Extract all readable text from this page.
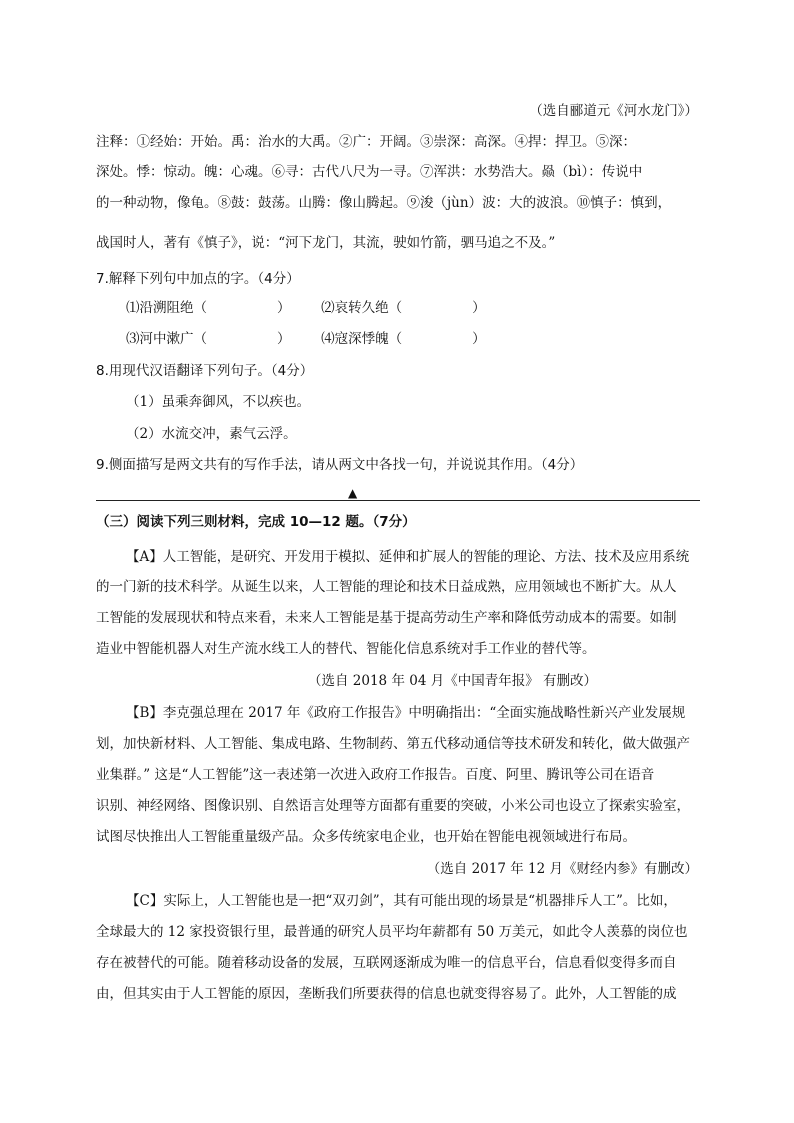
（选自郦道元《河水龙门》）
注释：①经始：开始。禹：治水的大禹。②广：开阔。③崇深：高深。④捍：捍卫。⑤深：
深处。悸：惊动。魄：心魂。⑥寻：古代八尺为一寻。⑦浑洪：水势浩大。赑（bì）：传说中
的一种动物，像龟。⑧鼓：鼓荡。山腾：像山腾起。⑨浚（jùn）波：大的波浪。⑩慎子：慎到，
战国时人，著有《慎子》，说：“河下龙门，其流，驶如竹箭，驷马追之不及。”
7.解释下列句中加点的字。（4分）
⑴沿溯阻绝（	） ⑵哀转久绝（	）
⑶河中漱广（	） ⑷寇深悸魄（	）
8.用现代汉语翻译下列句子。（4分）
（1）虽乘奔御风，不以疾也。
（2）水流交冲，素气云浮。
9.侧面描写是两文共有的写作手法，请从两文中各找一句，并说说其作用。（4分）
▲
（三）阅读下列三则材料，完成 10—12 题。（7分）
【A】人工智能，是研究、开发用于模拟、延伸和扩展人的智能的理论、方法、技术及应用系统
的一门新的技术科学。从诞生以来，人工智能的理论和技术日益成熟，应用领域也不断扩大。从人
工智能的发展现状和特点来看，未来人工智能是基于提高劳动生产率和降低劳动成本的需要。如制
造业中智能机器人对生产流水线工人的替代、智能化信息系统对手工作业的替代等。
（选自 2018 年 04 月《中国青年报》 有删改）
【B】李克强总理在 2017 年《政府工作报告》中明确指出：“全面实施战略性新兴产业发展规
划，加快新材料、人工智能、集成电路、生物制药、第五代移动通信等技术研发和转化，做大做强产
业集群。” 这是“人工智能”这一表述第一次进入政府工作报告。百度、阿里、腾讯等公司在语音
识别、神经网络、图像识别、自然语言处理等方面都有重要的突破，小米公司也设立了探索实验室，
试图尽快推出人工智能重量级产品。众多传统家电企业，也开始在智能电视领域进行布局。
（选自 2017 年 12 月《财经内参》有删改）
【C】实际上，人工智能也是一把“双刃剑”，其有可能出现的场景是“机器排斥人工”。比如，
全球最大的 12 家投资银行里，最普通的研究人员平均年薪都有 50 万美元，如此令人羡慕的岗位也
存在被替代的可能。随着移动设备的发展，互联网逐渐成为唯一的信息平台，信息看似变得多而自
由，但其实由于人工智能的原因，垄断我们所要获得的信息也就变得容易了。此外，人工智能的成
